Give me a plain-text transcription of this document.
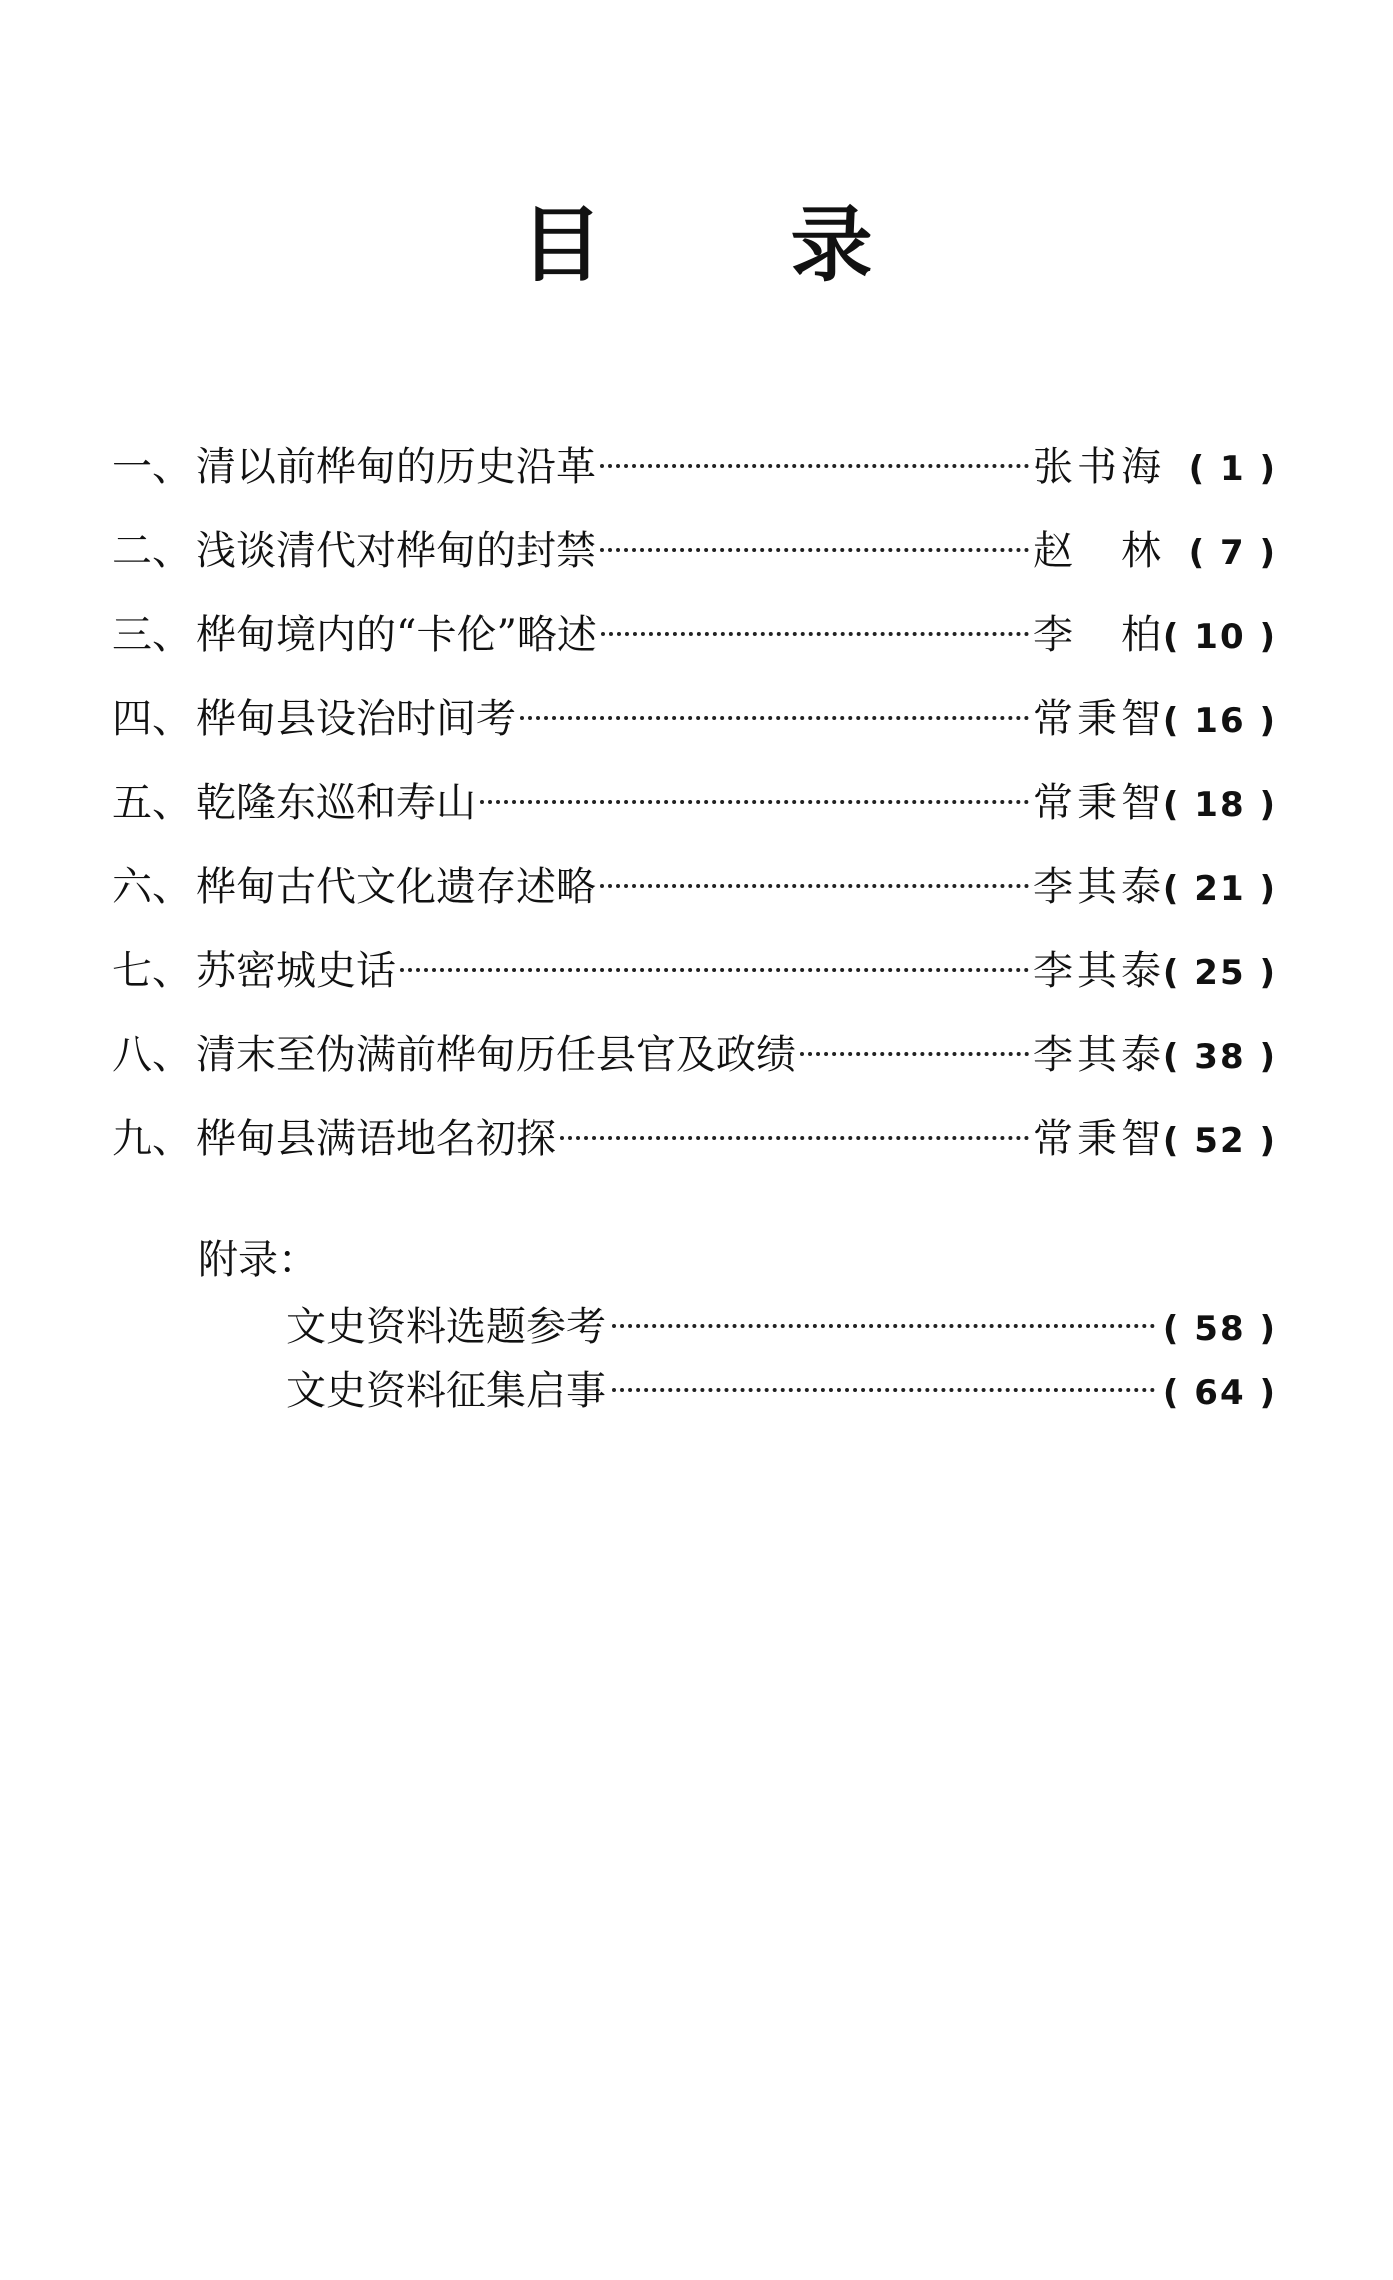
目 录
一、 清以前桦甸的历史沿革	张书海 ( 1 )
二、 浅谈清代对桦甸的封禁	赵 林 ( 7 )
三、 桦甸境内的“卡伦”略述	李 柏 ( 10 )
四、 桦甸县设治时间考	常秉智 ( 16 )
五、 乾隆东巡和寿山	常秉智 ( 18 )
六、 桦甸古代文化遗存述略	李其泰 ( 21 )
七、 苏密城史话	李其泰 ( 25 )
八、 清末至伪满前桦甸历任县官及政绩	李其泰 ( 38 )
九、 桦甸县满语地名初探	常秉智 ( 52 )
附录：
文史资料选题参考	( 58 )
文史资料征集启事	( 64 )
